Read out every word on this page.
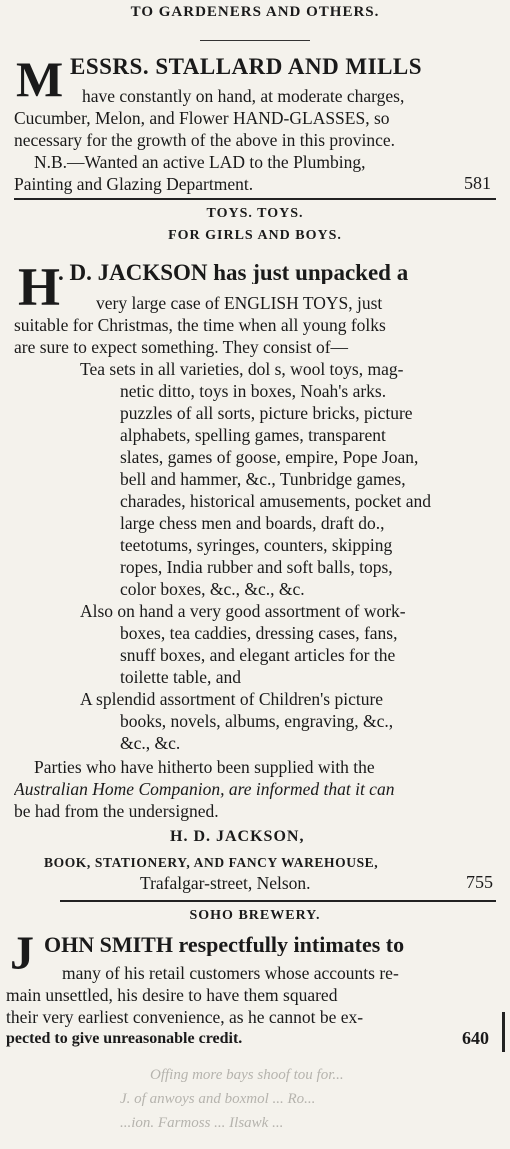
TO GARDENERS AND OTHERS.
M ESSRS. STALLARD AND MILLS
have constantly on hand, at moderate charges,
Cucumber, Melon, and Flower HAND-GLASSES, so
necessary for the growth of the above in this province.
N.B.—Wanted an active LAD to the Plumbing,
Painting and Glazing Department.	581
TOYS. TOYS.
FOR GIRLS AND BOYS.
H
. D. JACKSON has just unpacked a
very large case of ENGLISH TOYS, just
suitable for Christmas, the time when all young folks
are sure to expect something. They consist of—
Tea sets in all varieties, dol s, wool toys, mag-
netic ditto, toys in boxes, Noah's arks.
puzzles of all sorts, picture bricks, picture
alphabets, spelling games, transparent
slates, games of goose, empire, Pope Joan,
bell and hammer, &c., Tunbridge games,
charades, historical amusements, pocket and
large chess men and boards, draft do.,
teetotums, syringes, counters, skipping
ropes, India rubber and soft balls, tops,
color boxes, &c., &c., &c.
Also on hand a very good assortment of work-
boxes, tea caddies, dressing cases, fans,
snuff boxes, and elegant articles for the
toilette table, and
A splendid assortment of Children's picture
books, novels, albums, engraving, &c.,
&c., &c.
Parties who have hitherto been supplied with the
Australian Home Companion, are informed that it can
be had from the undersigned.
H. D. JACKSON,
BOOK, STATIONERY, AND FANCY WAREHOUSE,
Trafalgar-street, Nelson.	755
SOHO BREWERY.
J OHN SMITH respectfully intimates to
many of his retail customers whose accounts re-
main unsettled, his desire to have them squared
their very earliest convenience, as he cannot be ex-
pected to give unreasonable credit.	640
Offing more bays shoof tou for...
J. of anwoys and boxmol ... Ro...
...ion. Farmoss ... Ilsawk ...
